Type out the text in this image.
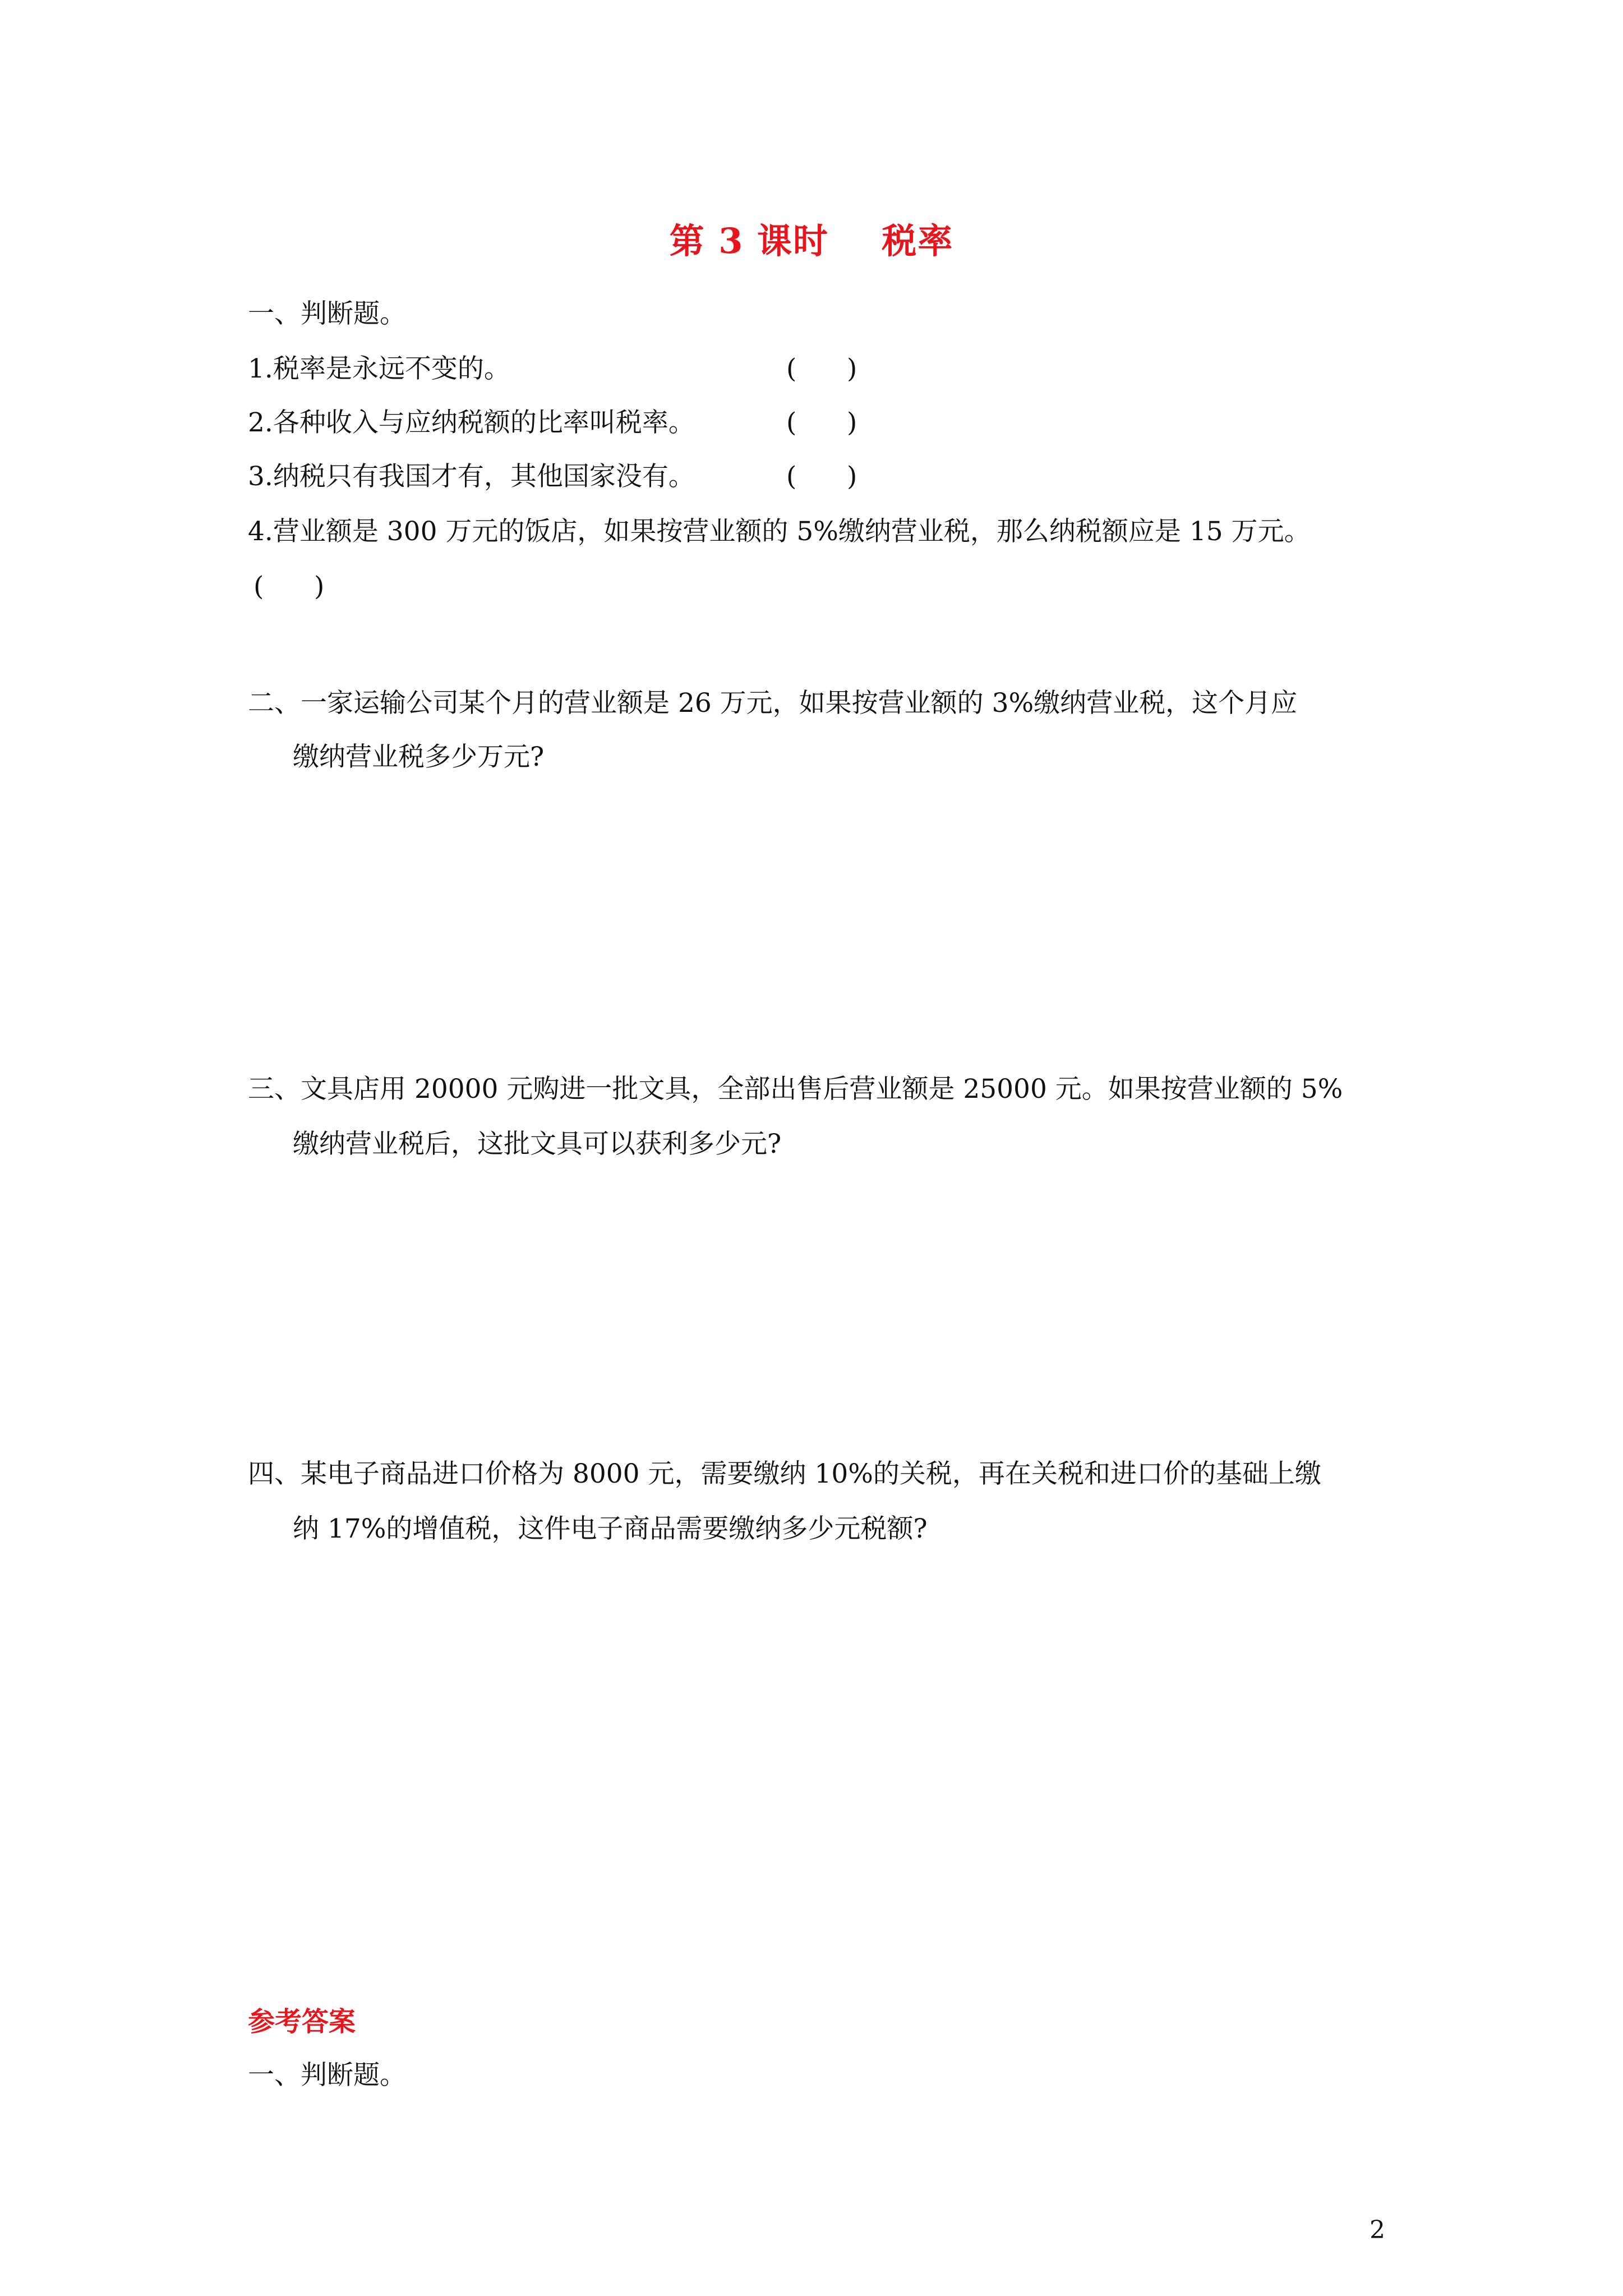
第 3 课时    税率
一、判断题。
1.税率是永远不变的。	(      )
2.各种收入与应纳税额的比率叫税率。	(      )
3.纳税只有我国才有，其他国家没有。	(      )
4.营业额是 300 万元的饭店，如果按营业额的 5%缴纳营业税，那么纳税额应是 15 万元。
(      )
二、一家运输公司某个月的营业额是 26 万元，如果按营业额的 3%缴纳营业税，这个月应
缴纳营业税多少万元?
三、文具店用 20000 元购进一批文具，全部出售后营业额是 25000 元。如果按营业额的 5%
缴纳营业税后，这批文具可以获利多少元?
四、某电子商品进口价格为 8000 元，需要缴纳 10%的关税，再在关税和进口价的基础上缴
纳 17%的增值税，这件电子商品需要缴纳多少元税额?
参考答案
一、判断题。
2
